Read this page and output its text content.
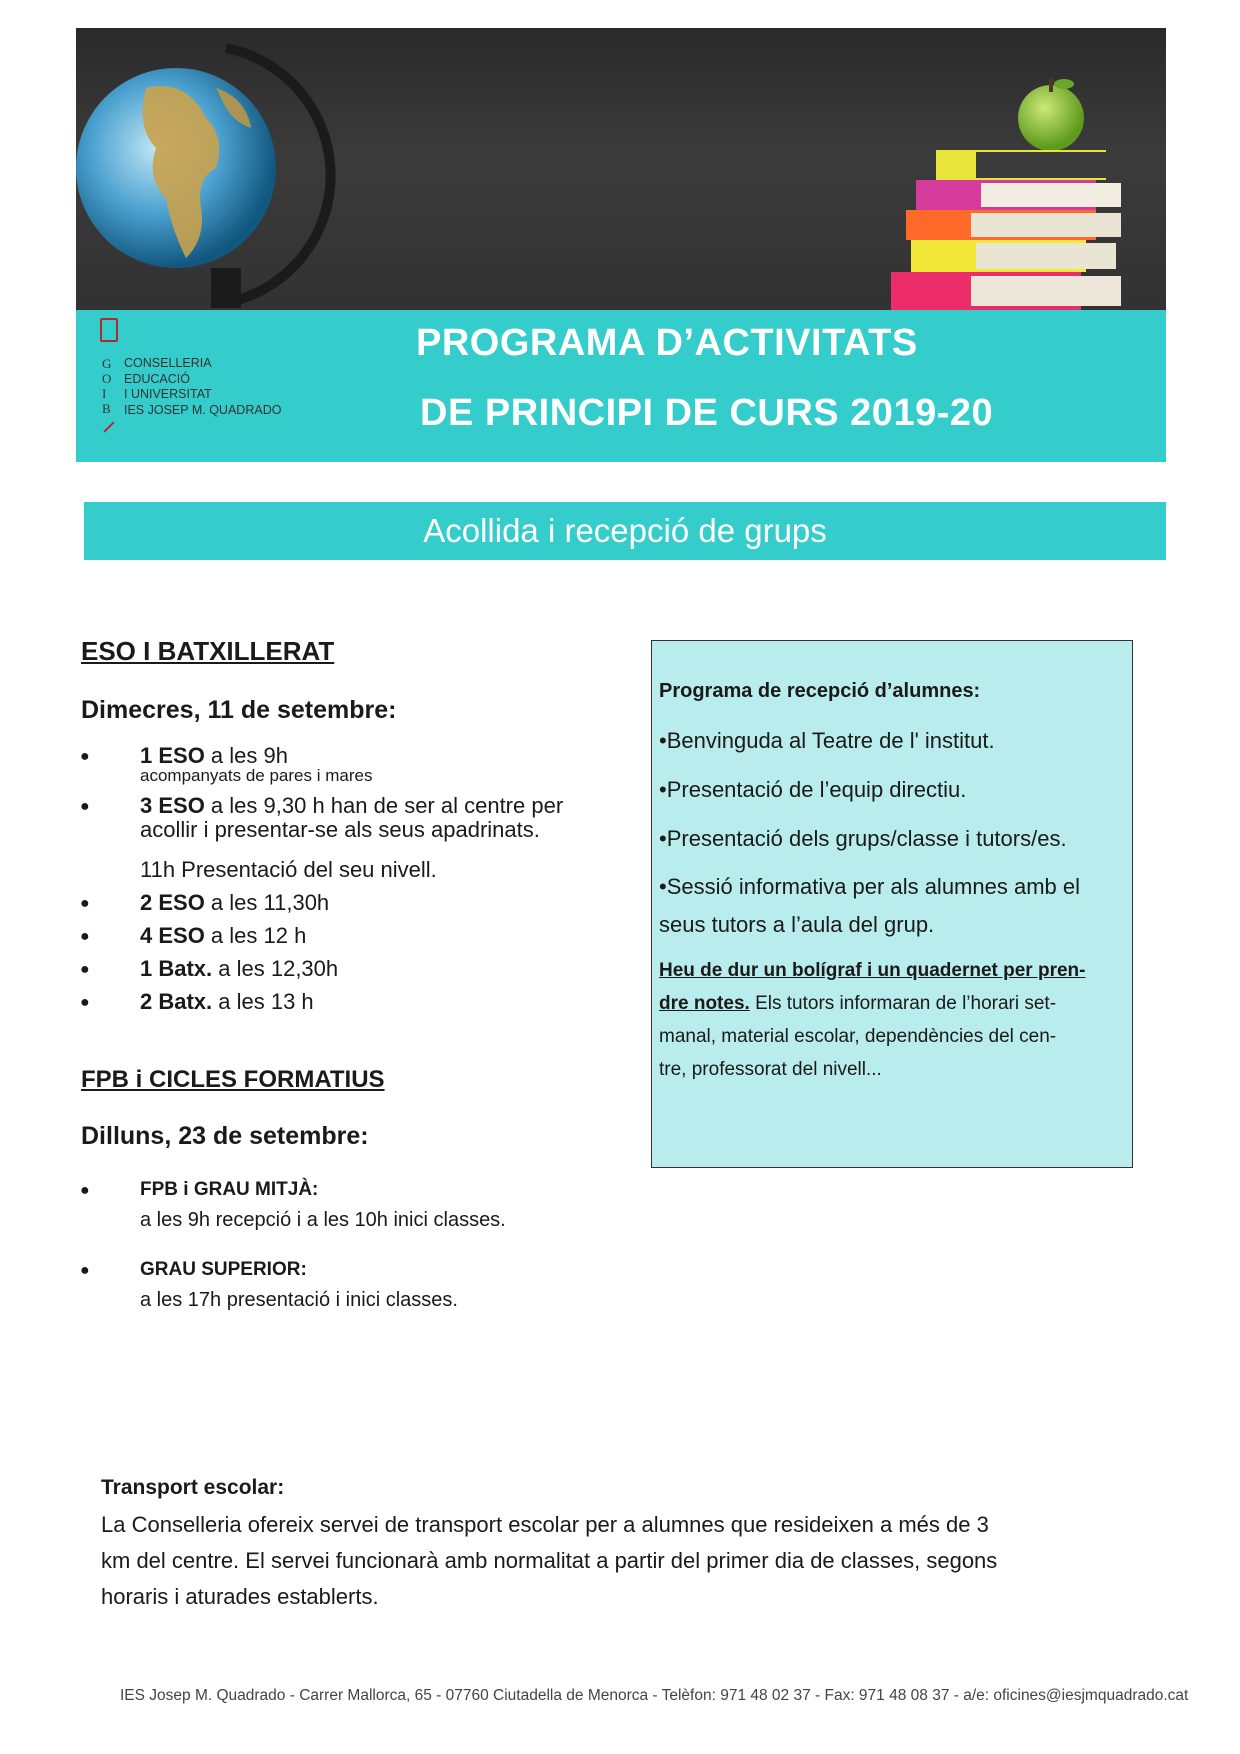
G
O
I
B
CONSELLERIA
EDUCACIÓ
I UNIVERSITAT
IES JOSEP M. QUADRADO
PROGRAMA D’ACTIVITATS
DE PRINCIPI DE CURS 2019-20
Acollida i recepció de grups
ESO I BATXILLERAT
Dimecres, 11 de setembre:
● 1 ESO a les 9h
acompanyats de pares i mares
● 3 ESO a les 9,30 h han de ser al centre per
acollir i presentar-se als seus apadrinats.
11h Presentació del seu nivell.
● 2 ESO a les 11,30h
● 4 ESO a les 12 h
● 1 Batx. a les 12,30h
● 2 Batx. a les 13 h
FPB i CICLES FORMATIUS
Dilluns, 23 de setembre:
●	FPB i GRAU MITJÀ:
a les 9h recepció i a les 10h inici classes.
●	GRAU SUPERIOR:
a les 17h presentació i inici classes.
Programa de recepció d’alumnes:
•Benvinguda al Teatre de l' institut.
•Presentació de l’equip directiu.
•Presentació dels grups/classe i tutors/es.
•Sessió informativa per als alumnes amb el
seus tutors a l’aula del grup.
Heu de dur un bolígraf i un quadernet per pren-
dre notes. Els tutors informaran de l’horari set-
manal, material escolar, dependències del cen-
tre, professorat del nivell...
Transport escolar:
La Conselleria ofereix servei de transport escolar per a alumnes que resideixen a més de 3
km del centre. El servei funcionarà amb normalitat a partir del primer dia de classes, segons
horaris i aturades establerts.
IES Josep M. Quadrado - Carrer Mallorca, 65 - 07760 Ciutadella de Menorca - Telèfon: 971 48 02 37 - Fax: 971 48 08 37 - a/e: oficines@iesjmquadrado.cat
